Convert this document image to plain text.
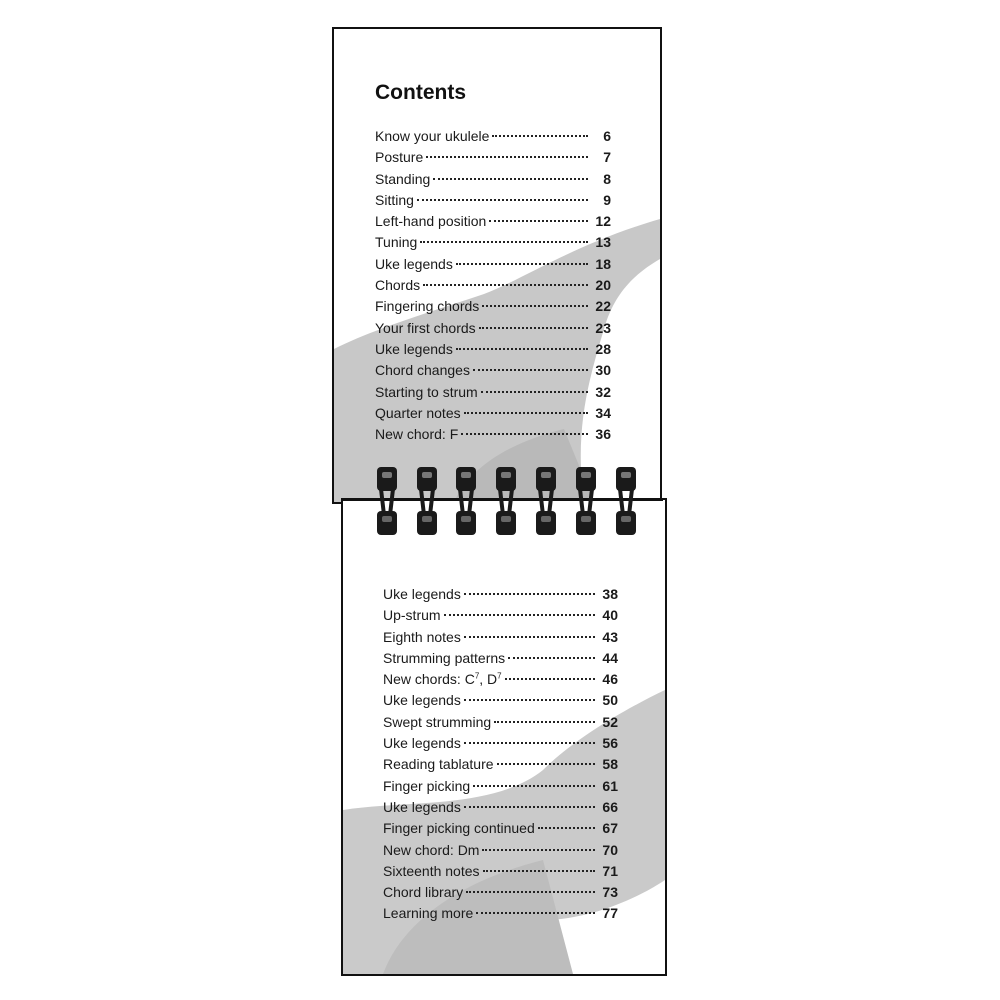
Contents
Know your ukulele	6
Posture	7
Standing	8
Sitting	9
Left-hand position	12
Tuning	13
Uke legends	18
Chords	20
Fingering chords	22
Your first chords	23
Uke legends	28
Chord changes	30
Starting to strum	32
Quarter notes	34
New chord: F	36
Uke legends	38
Up-strum	40
Eighth notes	43
Strumming patterns	44
New chords: $C^7$, $D^7$	46
Uke legends	50
Swept strumming	52
Uke legends	56
Reading tablature	58
Finger picking	61
Uke legends	66
Finger picking continued	67
New chord: Dm	70
Sixteenth notes	71
Chord library	73
Learning more	77
